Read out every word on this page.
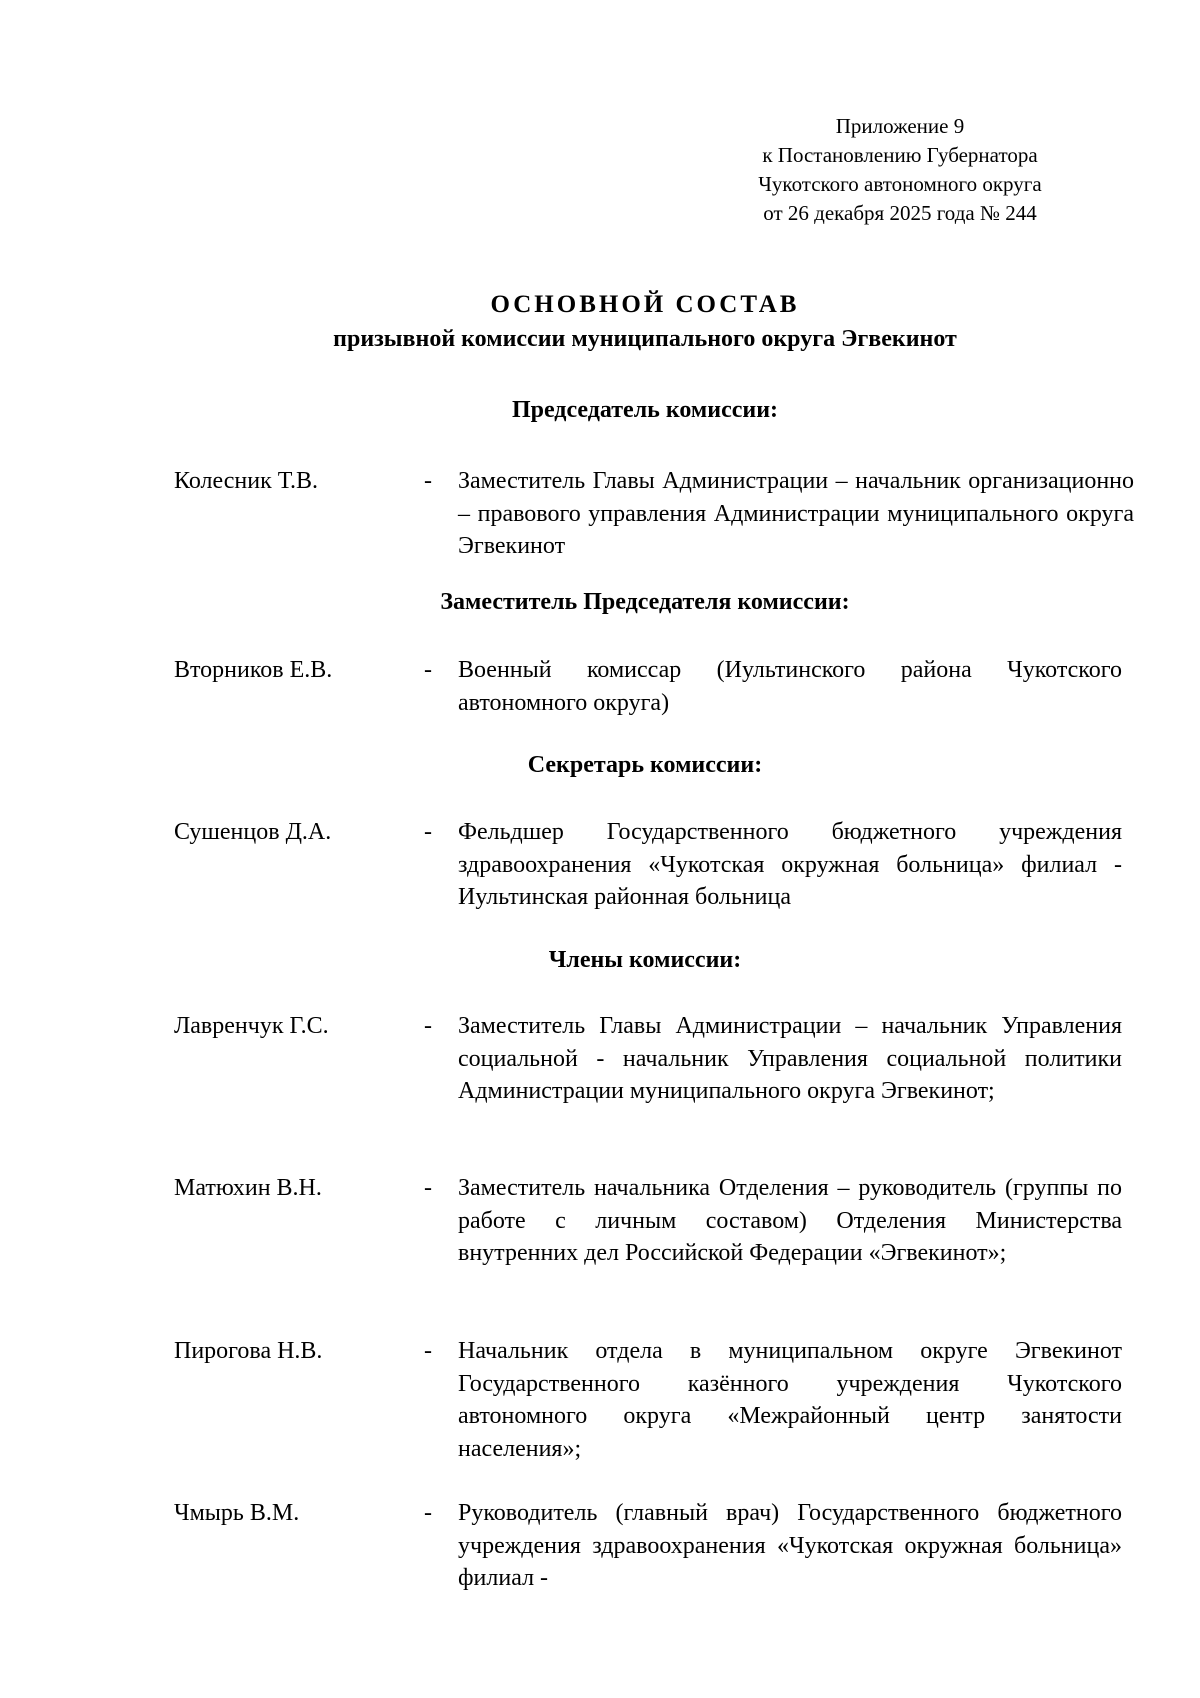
Приложение 9
к Постановлению Губернатора
Чукотского автономного округа
от 26 декабря 2025 года № 244
ОСНОВНОЙ СОСТАВ
призывной комиссии муниципального округа Эгвекинот
Председатель комиссии:
Колесник Т.В.	- Заместитель Главы Администрации – начальник организационно – правового управления Администрации муниципального округа Эгвекинот
Заместитель Председателя комиссии:
Вторников Е.В.	- Военный комиссар (Иультинского района Чукотского автономного округа)
Секретарь комиссии:
Сушенцов Д.А.	- Фельдшер Государственного бюджетного учреждения здравоохранения «Чукотская окружная больница» филиал - Иультинская районная больница
Члены комиссии:
Лавренчук Г.С.	- Заместитель Главы Администрации – начальник Управления социальной - начальник Управления социальной политики Администрации муниципального округа Эгвекинот;
Матюхин В.Н.	- Заместитель начальника Отделения – руководитель (группы по работе с личным составом) Отделения Министерства внутренних дел Российской Федерации «Эгвекинот»;
Пирогова Н.В.	- Начальник отдела в муниципальном округе Эгвекинот Государственного казённого учреждения Чукотского автономного округа «Межрайонный центр занятости населения»;
Чмырь В.М.	- Руководитель (главный врач) Государственного бюджетного учреждения здравоохранения «Чукотская окружная больница» филиал -
